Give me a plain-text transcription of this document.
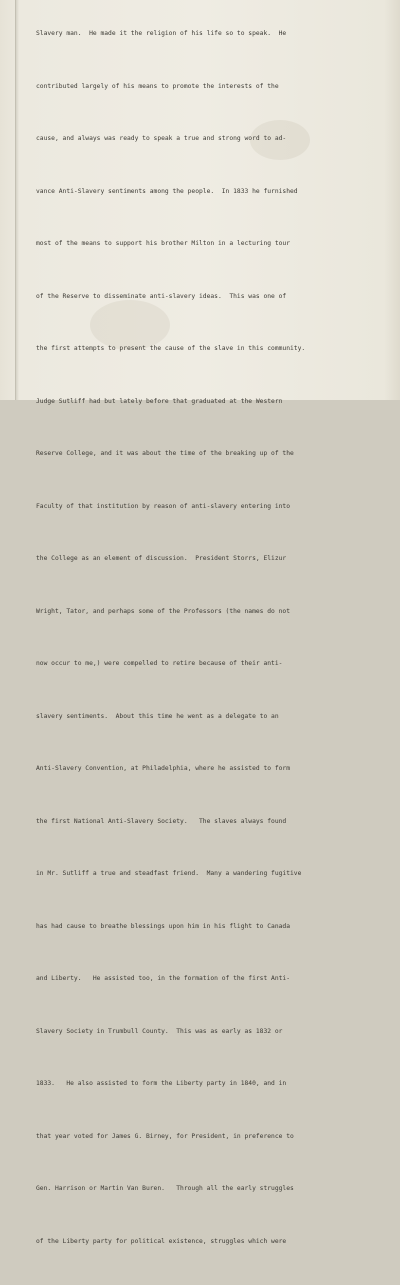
Slavery man.  He made it the religion of his life so to speak.  He

contributed largely of his means to promote the interests of the

cause, and always was ready to speak a true and strong word to ad-

vance Anti-Slavery sentiments among the people.  In 1833 he furnished

most of the means to support his brother Milton in a lecturing tour

of the Reserve to disseminate anti-slavery ideas.  This was one of

the first attempts to present the cause of the slave in this community.

Judge Sutliff had but lately before that graduated at the Western

Reserve College, and it was about the time of the breaking up of the

Faculty of that institution by reason of anti-slavery entering into

the College as an element of discussion.  President Storrs, Elizur

Wright, Tator, and perhaps some of the Professors (the names do not

now occur to me,) were compelled to retire because of their anti-

slavery sentiments.  About this time he went as a delegate to an

Anti-Slavery Convention, at Philadelphia, where he assisted to form

the first National Anti-Slavery Society.   The slaves always found

in Mr. Sutliff a true and steadfast friend.  Many a wandering fugitive

has had cause to breathe blessings upon him in his flight to Canada

and Liberty.   He assisted too, in the formation of the first Anti-

Slavery Society in Trumbull County.  This was as early as 1832 or

1833.   He also assisted to form the Liberty party in 1840, and in

that year voted for James G. Birney, for President, in preference to

Gen. Harrison or Martin Van Buren.   Through all the early struggles

of the Liberty party for political existence, struggles which were
